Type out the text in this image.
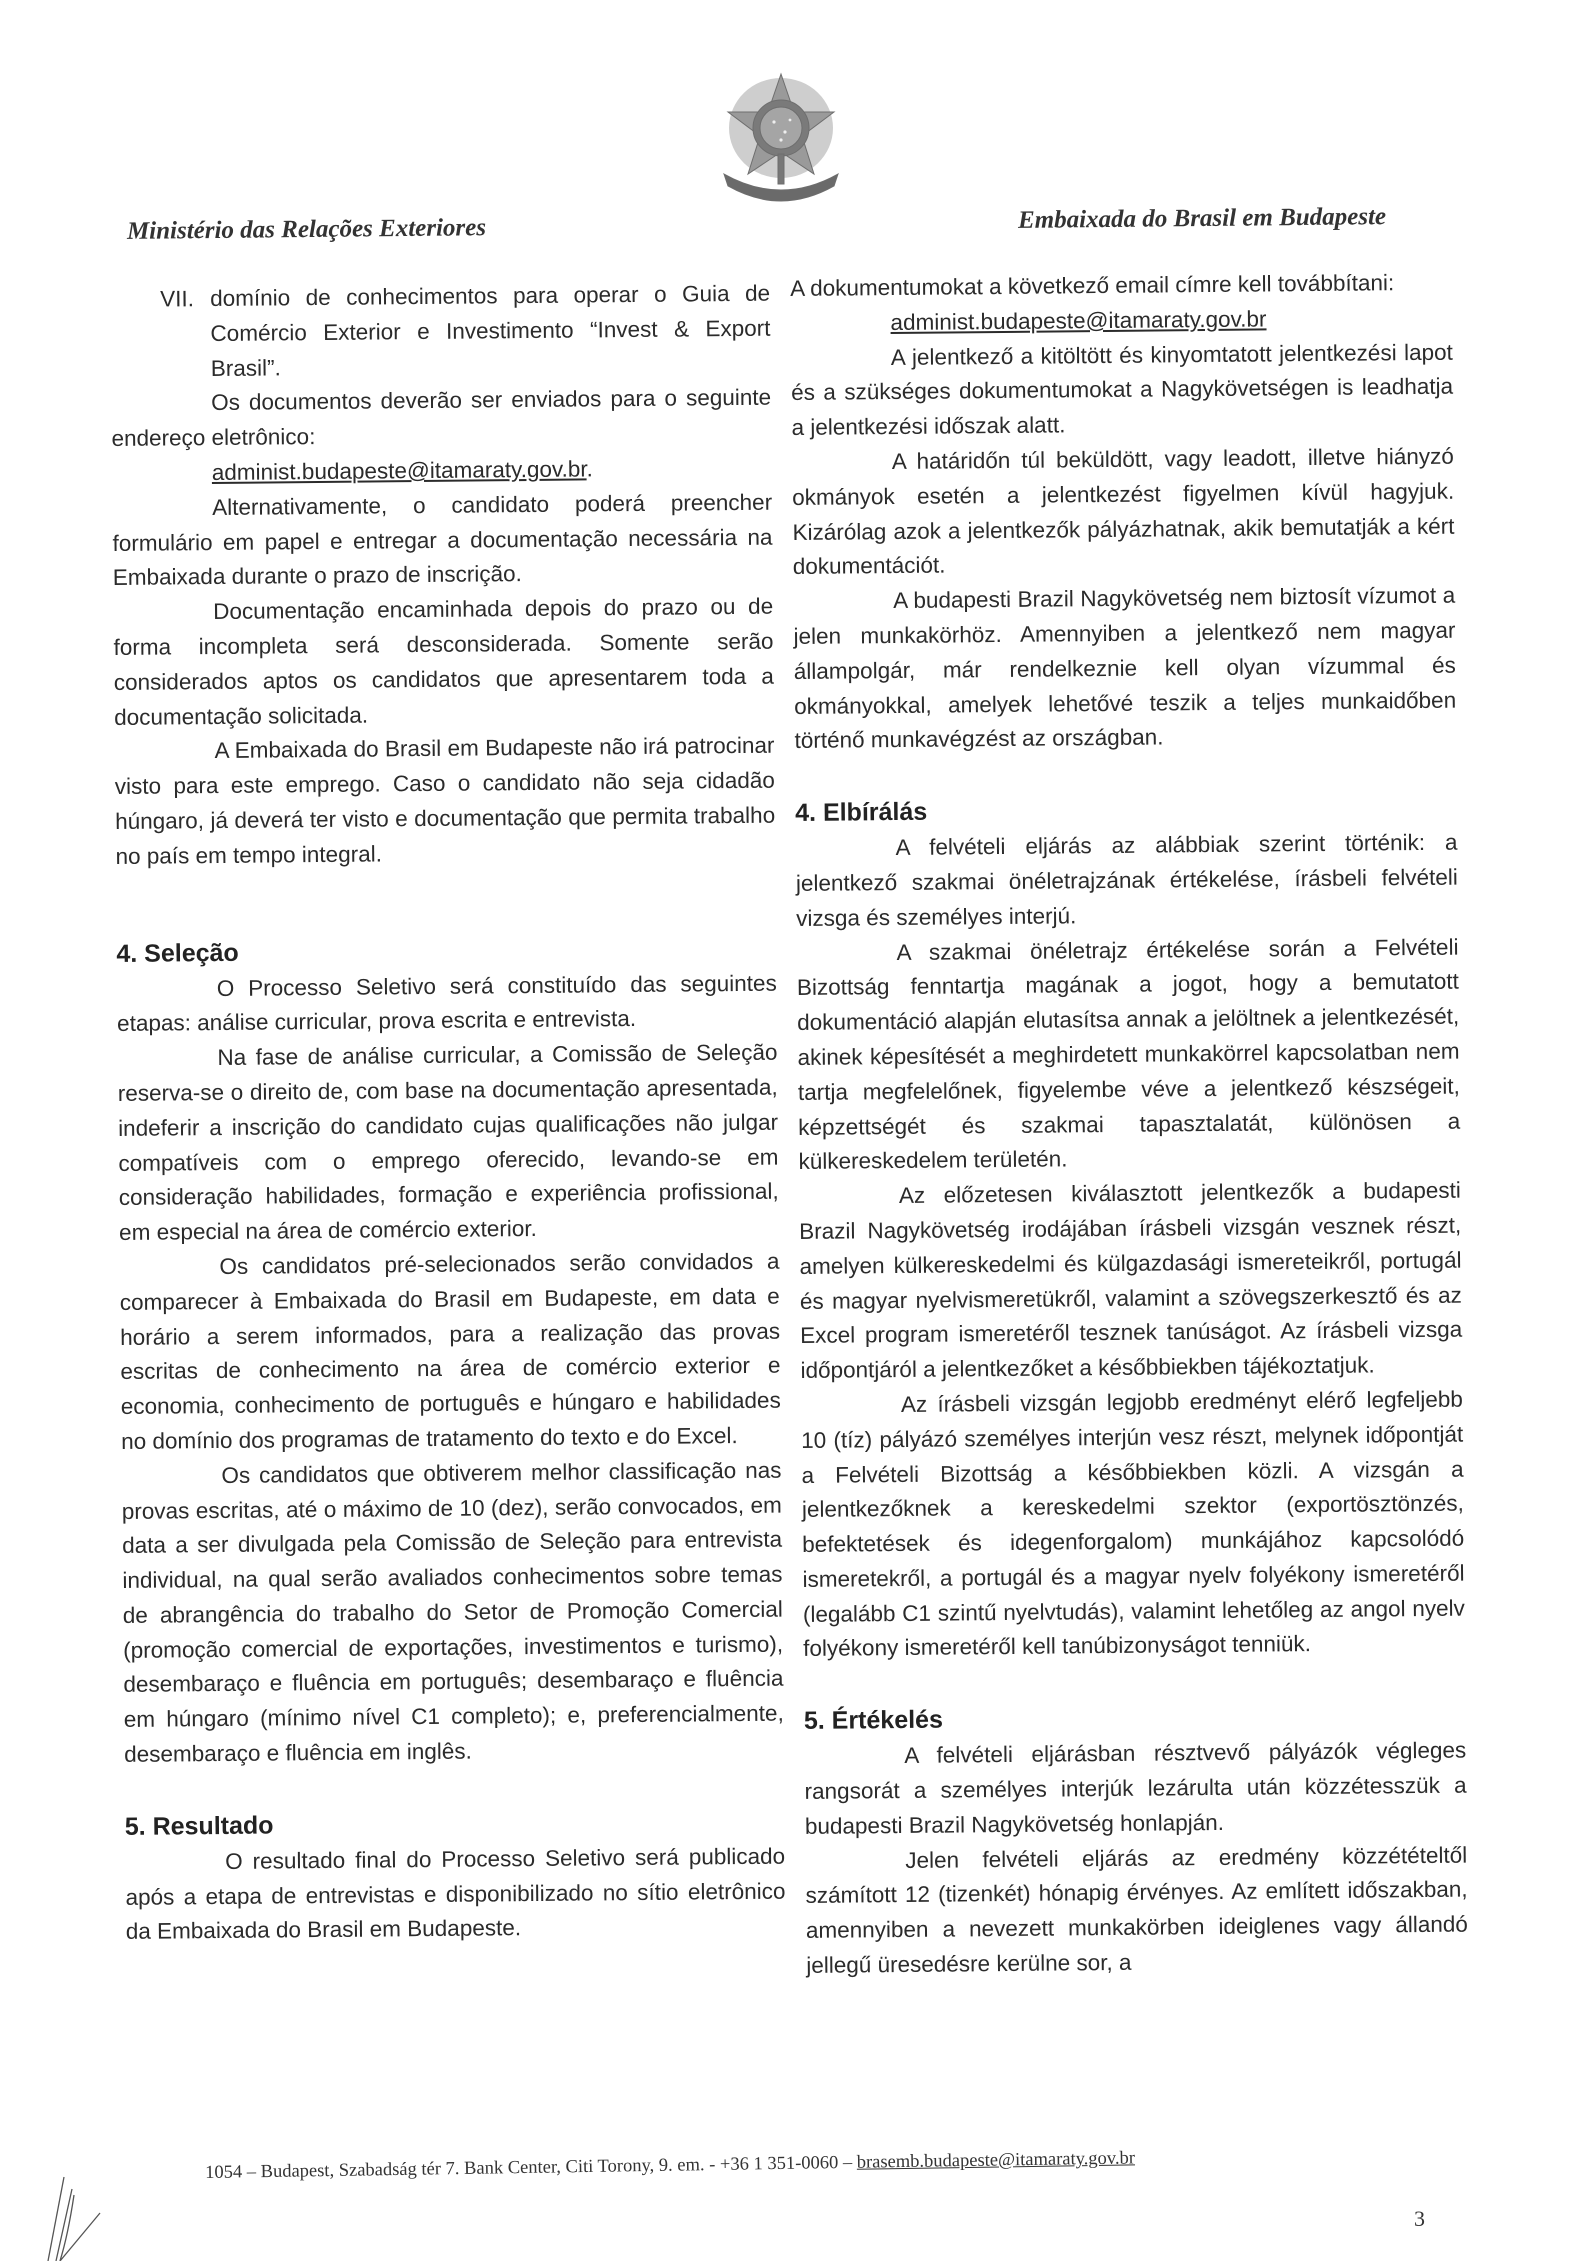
Ministério das Relações Exteriores	Embaixada do Brasil em Budapeste
VII. domínio de conhecimentos para operar o Guia de Comércio Exterior e Investimento “Invest & Export Brasil”.

Os documentos deverão ser enviados para o seguinte endereço eletrônico:

administ.budapeste@itamaraty.gov.br.

Alternativamente, o candidato poderá preencher formulário em papel e entregar a documentação necessária na Embaixada durante o prazo de inscrição.

Documentação encaminhada depois do prazo ou de forma incompleta será desconsiderada. Somente serão considerados aptos os candidatos que apresentarem toda a documentação solicitada.

A Embaixada do Brasil em Budapeste não irá patrocinar visto para este emprego. Caso o candidato não seja cidadão húngaro, já deverá ter visto e documentação que permita trabalho no país em tempo integral.

4. Seleção

O Processo Seletivo será constituído das seguintes etapas: análise curricular, prova escrita e entrevista.

Na fase de análise curricular, a Comissão de Seleção reserva-se o direito de, com base na documentação apresentada, indeferir a inscrição do candidato cujas qualificações não julgar compatíveis com o emprego oferecido, levando-se em consideração habilidades, formação e experiência profissional, em especial na área de comércio exterior.

Os candidatos pré-selecionados serão convidados a comparecer à Embaixada do Brasil em Budapeste, em data e horário a serem informados, para a realização das provas escritas de conhecimento na área de comércio exterior e economia, conhecimento de português e húngaro e habilidades no domínio dos programas de tratamento do texto e do Excel.

Os candidatos que obtiverem melhor classificação nas provas escritas, até o máximo de 10 (dez), serão convocados, em data a ser divulgada pela Comissão de Seleção para entrevista individual, na qual serão avaliados conhecimentos sobre temas de abrangência do trabalho do Setor de Promoção Comercial (promoção comercial de exportações, investimentos e turismo), desembaraço e fluência em português; desembaraço e fluência em húngaro (mínimo nível C1 completo); e, preferencialmente, desembaraço e fluência em inglês.

5. Resultado

O resultado final do Processo Seletivo será publicado após a etapa de entrevistas e disponibilizado no sítio eletrônico da Embaixada do Brasil em Budapeste.

A dokumentumokat a következő email címre kell továbbítani:

administ.budapeste@itamaraty.gov.br

A jelentkező a kitöltött és kinyomtatott jelentkezési lapot és a szükséges dokumentumokat a Nagykövetségen is leadhatja a jelentkezési időszak alatt.

A határidőn túl beküldött, vagy leadott, illetve hiányzó okmányok esetén a jelentkezést figyelmen kívül hagyjuk. Kizárólag azok a jelentkezők pályázhatnak, akik bemutatják a kért dokumentációt.

A budapesti Brazil Nagykövetség nem biztosít vízumot a jelen munkakörhöz. Amennyiben a jelentkező nem magyar állampolgár, már rendelkeznie kell olyan vízummal és okmányokkal, amelyek lehetővé teszik a teljes munkaidőben történő munkavégzést az országban.

4. Elbírálás

A felvételi eljárás az alábbiak szerint történik: a jelentkező szakmai önéletrajzának értékelése, írásbeli felvételi vizsga és személyes interjú.

A szakmai önéletrajz értékelése során a Felvételi Bizottság fenntartja magának a jogot, hogy a bemutatott dokumentáció alapján elutasítsa annak a jelöltnek a jelentkezését, akinek képesítését a meghirdetett munkakörrel kapcsolatban nem tartja megfelelőnek, figyelembe véve a jelentkező készségeit, képzettségét és szakmai tapasztalatát, különösen a külkereskedelem területén.

Az előzetesen kiválasztott jelentkezők a budapesti Brazil Nagykövetség irodájában írásbeli vizsgán vesznek részt, amelyen külkereskedelmi és külgazdasági ismereteikről, portugál és magyar nyelvismeretükről, valamint a szövegszerkesztő és az Excel program ismeretéről tesznek tanúságot. Az írásbeli vizsga időpontjáról a jelentkezőket a későbbiekben tájékoztatjuk.

Az írásbeli vizsgán legjobb eredményt elérő legfeljebb 10 (tíz) pályázó személyes interjún vesz részt, melynek időpontját a Felvételi Bizottság a későbbiekben közli. A vizsgán a jelentkezőknek a kereskedelmi szektor (exportösztönzés, befektetések és idegenforgalom) munkájához kapcsolódó ismeretekről, a portugál és a magyar nyelv folyékony ismeretéről (legalább C1 szintű nyelvtudás), valamint lehetőleg az angol nyelv folyékony ismeretéről kell tanúbizonyságot tenniük.

5. Értékelés

A felvételi eljárásban résztvevő pályázók végleges rangsorát a személyes interjúk lezárulta után közzétesszük a budapesti Brazil Nagykövetség honlapján.

Jelen felvételi eljárás az eredmény közzétételtől számított 12 (tizenkét) hónapig érvényes. Az említett időszakban, amennyiben a nevezett munkakörben ideiglenes vagy állandó jellegű üresedésre kerülne sor, a

1054 – Budapest, Szabadság tér 7. Bank Center, Citi Torony, 9. em. - +36 1 351-0060 – brasemb.budapeste@itamaraty.gov.br
3
